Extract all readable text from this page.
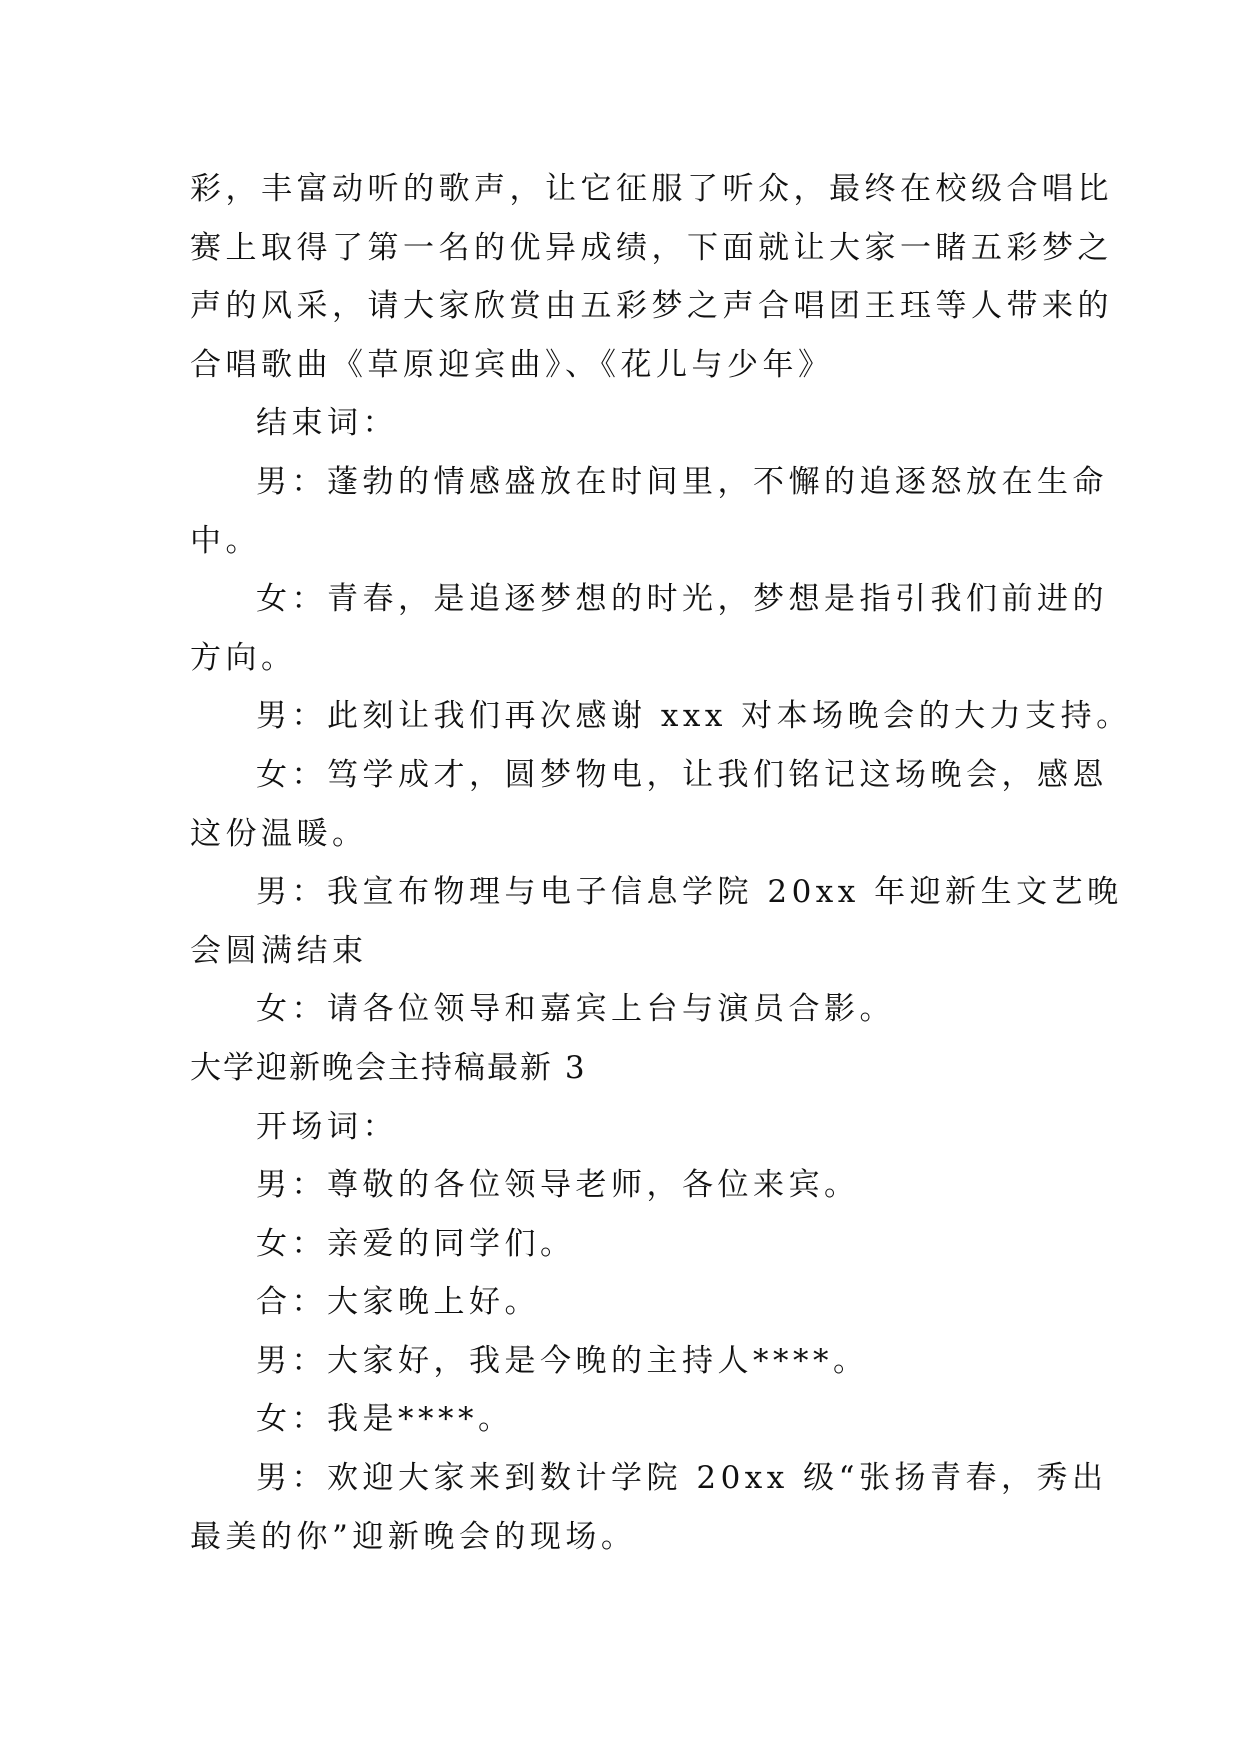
彩，丰富动听的歌声，让它征服了听众，最终在校级合唱比
赛上取得了第一名的优异成绩，下面就让大家一睹五彩梦之
声的风采，请大家欣赏由五彩梦之声合唱团王珏等人带来的
合唱歌曲《草原迎宾曲》、《花儿与少年》
结束词：
男：蓬勃的情感盛放在时间里，不懈的追逐怒放在生命
中。
女：青春，是追逐梦想的时光，梦想是指引我们前进的
方向。
男：此刻让我们再次感谢 xxx 对本场晚会的大力支持。
女：笃学成才，圆梦物电，让我们铭记这场晚会，感恩
这份温暖。
男：我宣布物理与电子信息学院 20xx 年迎新生文艺晚
会圆满结束
女：请各位领导和嘉宾上台与演员合影。
大学迎新晚会主持稿最新 3
开场词：
男：尊敬的各位领导老师，各位来宾。
女：亲爱的同学们。
合：大家晚上好。
男：大家好，我是今晚的主持人****。
女：我是****。
男：欢迎大家来到数计学院 20xx 级“张扬青春，秀出
最美的你”迎新晚会的现场。
